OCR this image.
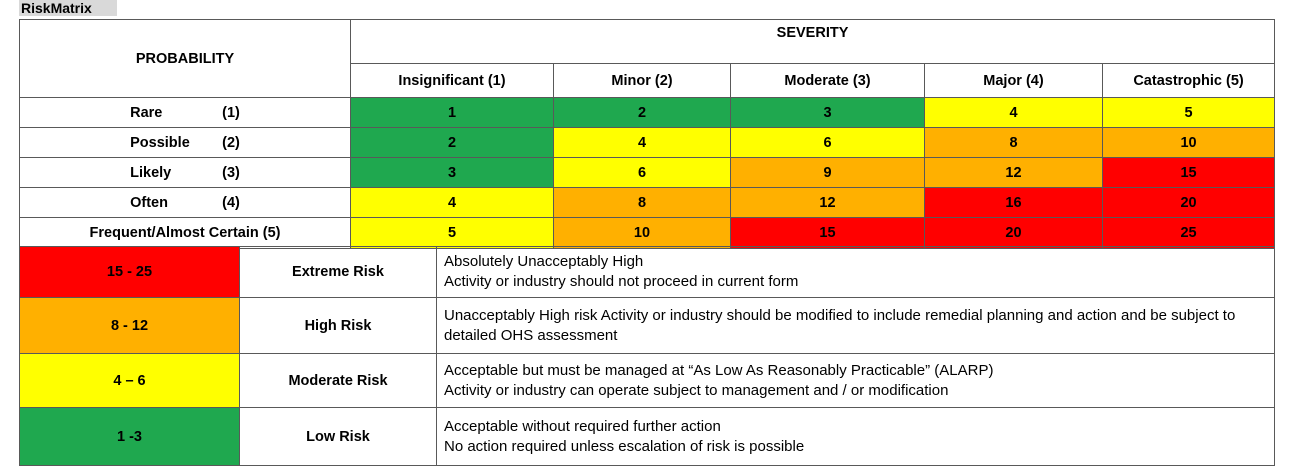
RiskMatrix
PROBABILITY	SEVERITY				
	Insignificant (1)	Minor (2)	Moderate (3)	Major (4)	Catastrophic (5)

Rare (1)	1	2	3	4	5

Possible (2)	2	4	6	8	10

Likely (3)	3	6	9	12	15

Often (4)	4	8	12	16	20
Frequent/Almost Certain (5)	5	10	15	20	25
15 - 25	Extreme Risk	Absolutely Unacceptably High
Activity or industry should not proceed in current form

8 - 12	High Risk	Unacceptably High risk Activity or industry should be modified to include remedial planning and action and be subject to detailed OHS assessment

4 – 6	Moderate Risk	Acceptable but must be managed at “As Low As Reasonably Practicable” (ALARP)
Activity or industry can operate subject to management and / or modification

1 -3	Low Risk	Acceptable without required further action
No action required unless escalation of risk is possible
